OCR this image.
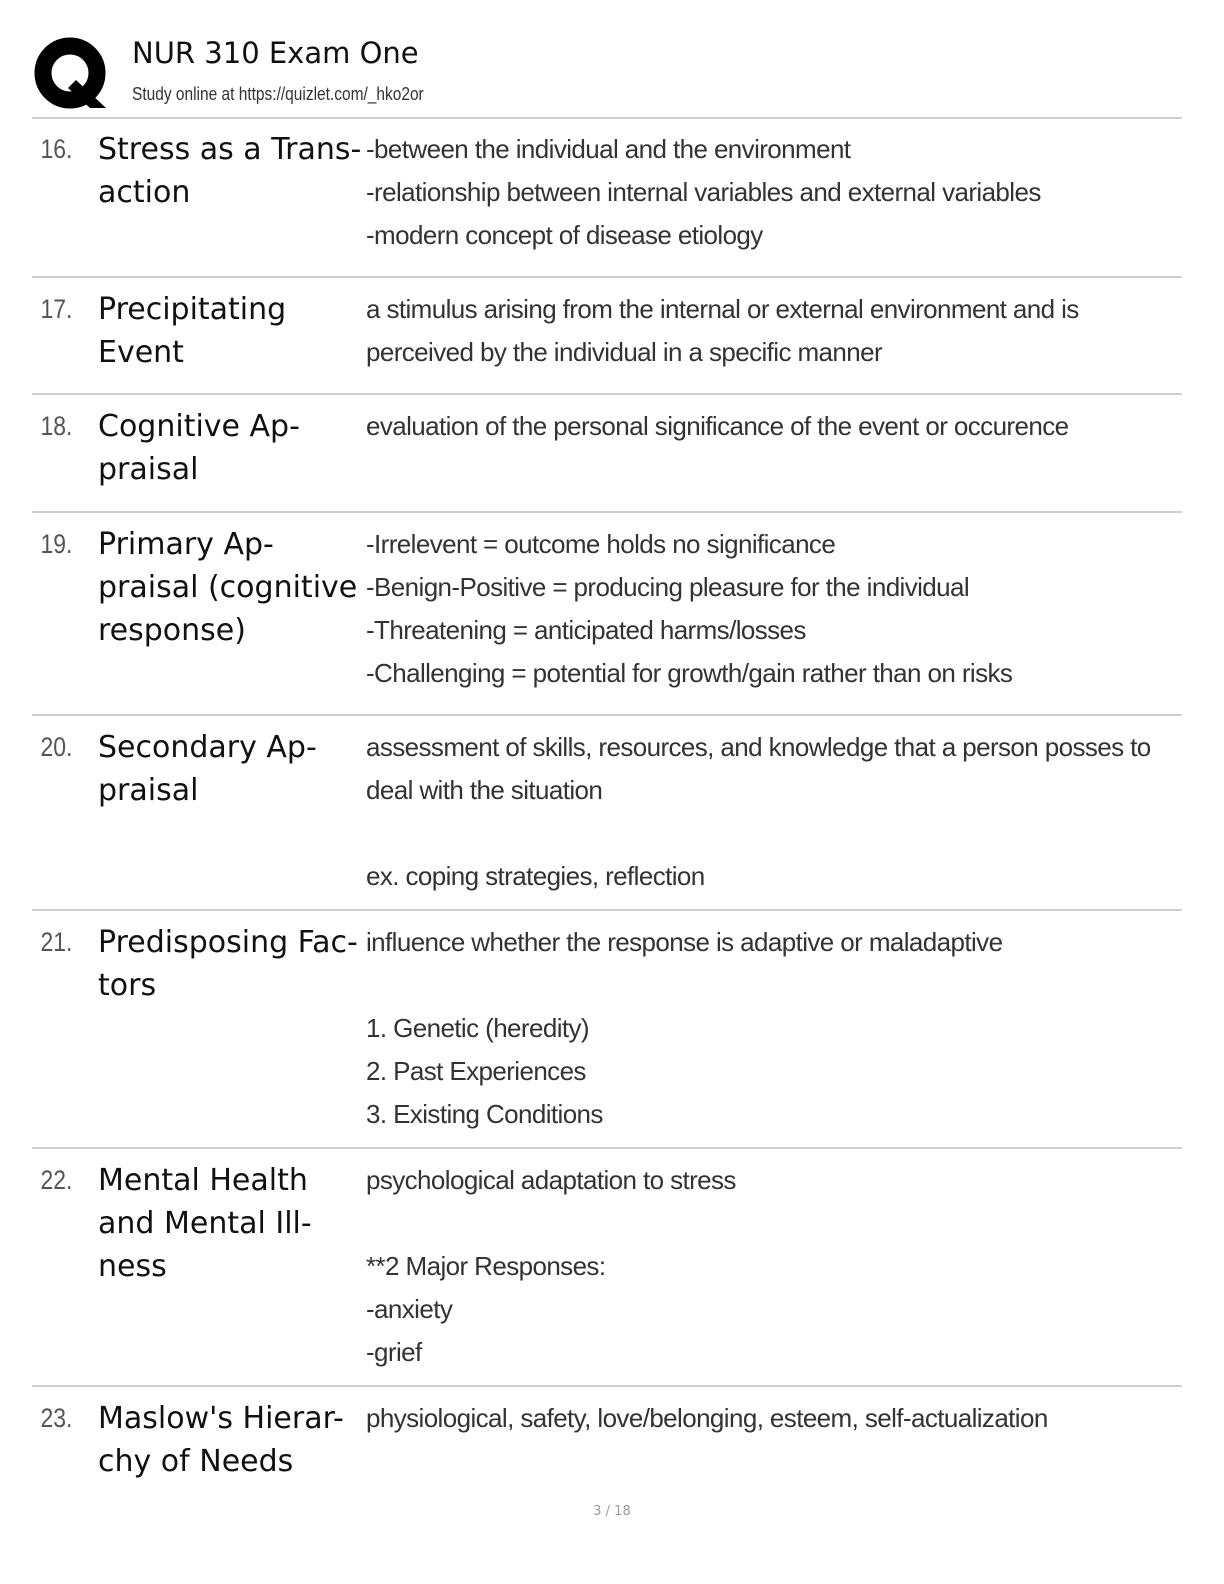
NUR 310 Exam One
Study online at https://quizlet.com/_hko2or
16. Stress as a Trans- action
-between the individual and the environment
-relationship between internal variables and external variables
-modern concept of disease etiology
17. Precipitating Event
a stimulus arising from the internal or external environment and is perceived by the individual in a specific manner
18. Cognitive Ap- praisal
evaluation of the personal significance of the event or occurence
19. Primary Ap- praisal (cognitive response)
-Irrelevent = outcome holds no significance
-Benign-Positive = producing pleasure for the individual
-Threatening = anticipated harms/losses
-Challenging = potential for growth/gain rather than on risks
20. Secondary Ap- praisal
assessment of skills, resources, and knowledge that a person posses to deal with the situation

ex. coping strategies, reflection
21. Predisposing Fac- tors
influence whether the response is adaptive or maladaptive

1. Genetic (heredity)
2. Past Experiences
3. Existing Conditions
22. Mental Health and Mental Ill- ness
psychological adaptation to stress

**2 Major Responses:
-anxiety
-grief
23. Maslow's Hierar- chy of Needs
physiological, safety, love/belonging, esteem, self-actualization
3 / 18
